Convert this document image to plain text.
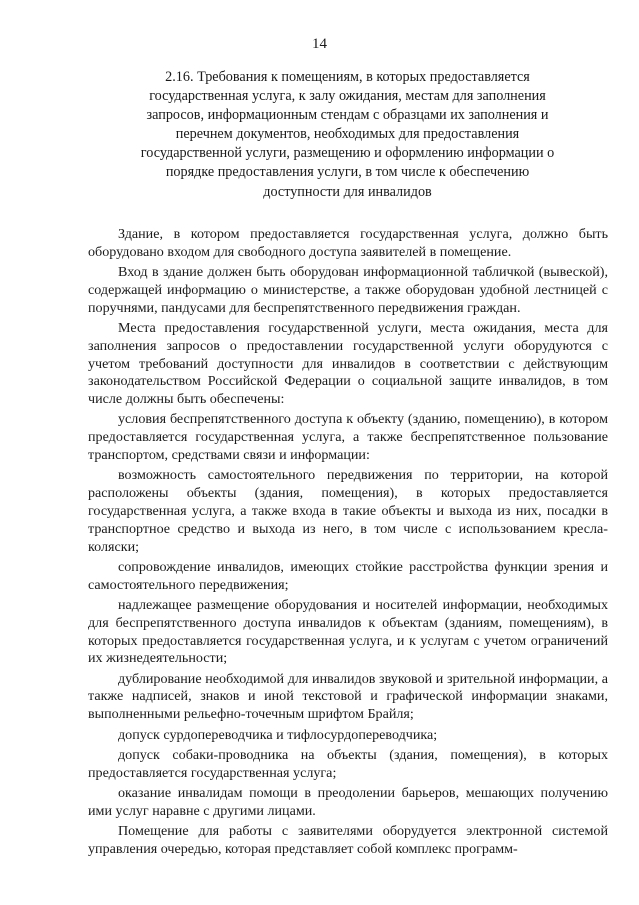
14
2.16. Требования к помещениям, в которых предоставляется государственная услуга, к залу ожидания, местам для заполнения запросов, информационным стендам с образцами их заполнения и перечнем документов, необходимых для предоставления государственной услуги, размещению и оформлению информации о порядке предоставления услуги, в том числе к обеспечению доступности для инвалидов

Здание, в котором предоставляется государственная услуга, должно быть оборудовано входом для свободного доступа заявителей в помещение.

Вход в здание должен быть оборудован информационной табличкой (вывеской), содержащей информацию о министерстве, а также оборудован удобной лестницей с поручнями, пандусами для беспрепятственного передвижения граждан.

Места предоставления государственной услуги, места ожидания, места для заполнения запросов о предоставлении государственной услуги оборудуются с учетом требований доступности для инвалидов в соответствии с действующим законодательством Российской Федерации о социальной защите инвалидов, в том числе должны быть обеспечены:

условия беспрепятственного доступа к объекту (зданию, помещению), в котором предоставляется государственная услуга, а также беспрепятственное пользование транспортом, средствами связи и информации:

возможность самостоятельного передвижения по территории, на которой расположены объекты (здания, помещения), в которых предоставляется государственная услуга, а также входа в такие объекты и выхода из них, посадки в транспортное средство и выхода из него, в том числе с использованием кресла-коляски;

сопровождение инвалидов, имеющих стойкие расстройства функции зрения и самостоятельного передвижения;

надлежащее размещение оборудования и носителей информации, необходимых для беспрепятственного доступа инвалидов к объектам (зданиям, помещениям), в которых предоставляется государственная услуга, и к услугам с учетом ограничений их жизнедеятельности;

дублирование необходимой для инвалидов звуковой и зрительной информации, а также надписей, знаков и иной текстовой и графической информации знаками, выполненными рельефно-точечным шрифтом Брайля;

допуск сурдопереводчика и тифлосурдопереводчика;

допуск собаки-проводника на объекты (здания, помещения), в которых предоставляется государственная услуга;

оказание инвалидам помощи в преодолении барьеров, мешающих получению ими услуг наравне с другими лицами.

Помещение для работы с заявителями оборудуется электронной системой управления очередью, которая представляет собой комплекс программ-
